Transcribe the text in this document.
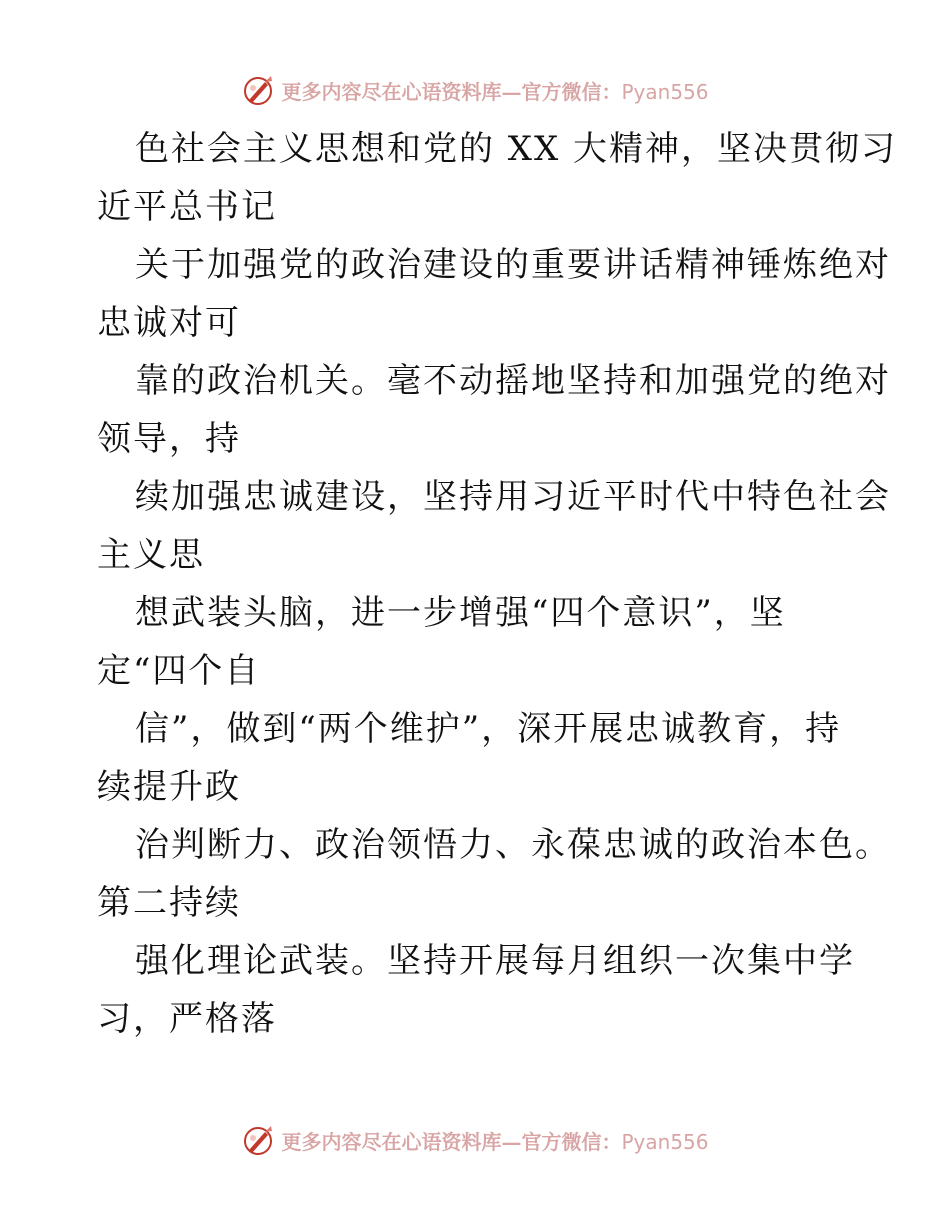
更多内容尽在心语资料库—官方微信：Pyan556
色社会主义思想和党的 XX 大精神，坚决贯彻习
近平总书记
关于加强党的政治建设的重要讲话精神锤炼绝对
忠诚对可
靠的政治机关。毫不动摇地坚持和加强党的绝对
领导，持
续加强忠诚建设，坚持用习近平时代中特色社会
主义思
想武装头脑，进一步增强“四个意识”，坚
定“四个自
信”，做到“两个维护”，深开展忠诚教育，持
续提升政
治判断力、政治领悟力、永葆忠诚的政治本色。
第二持续
强化理论武装。坚持开展每月组织一次集中学
习，严格落
更多内容尽在心语资料库—官方微信：Pyan556
